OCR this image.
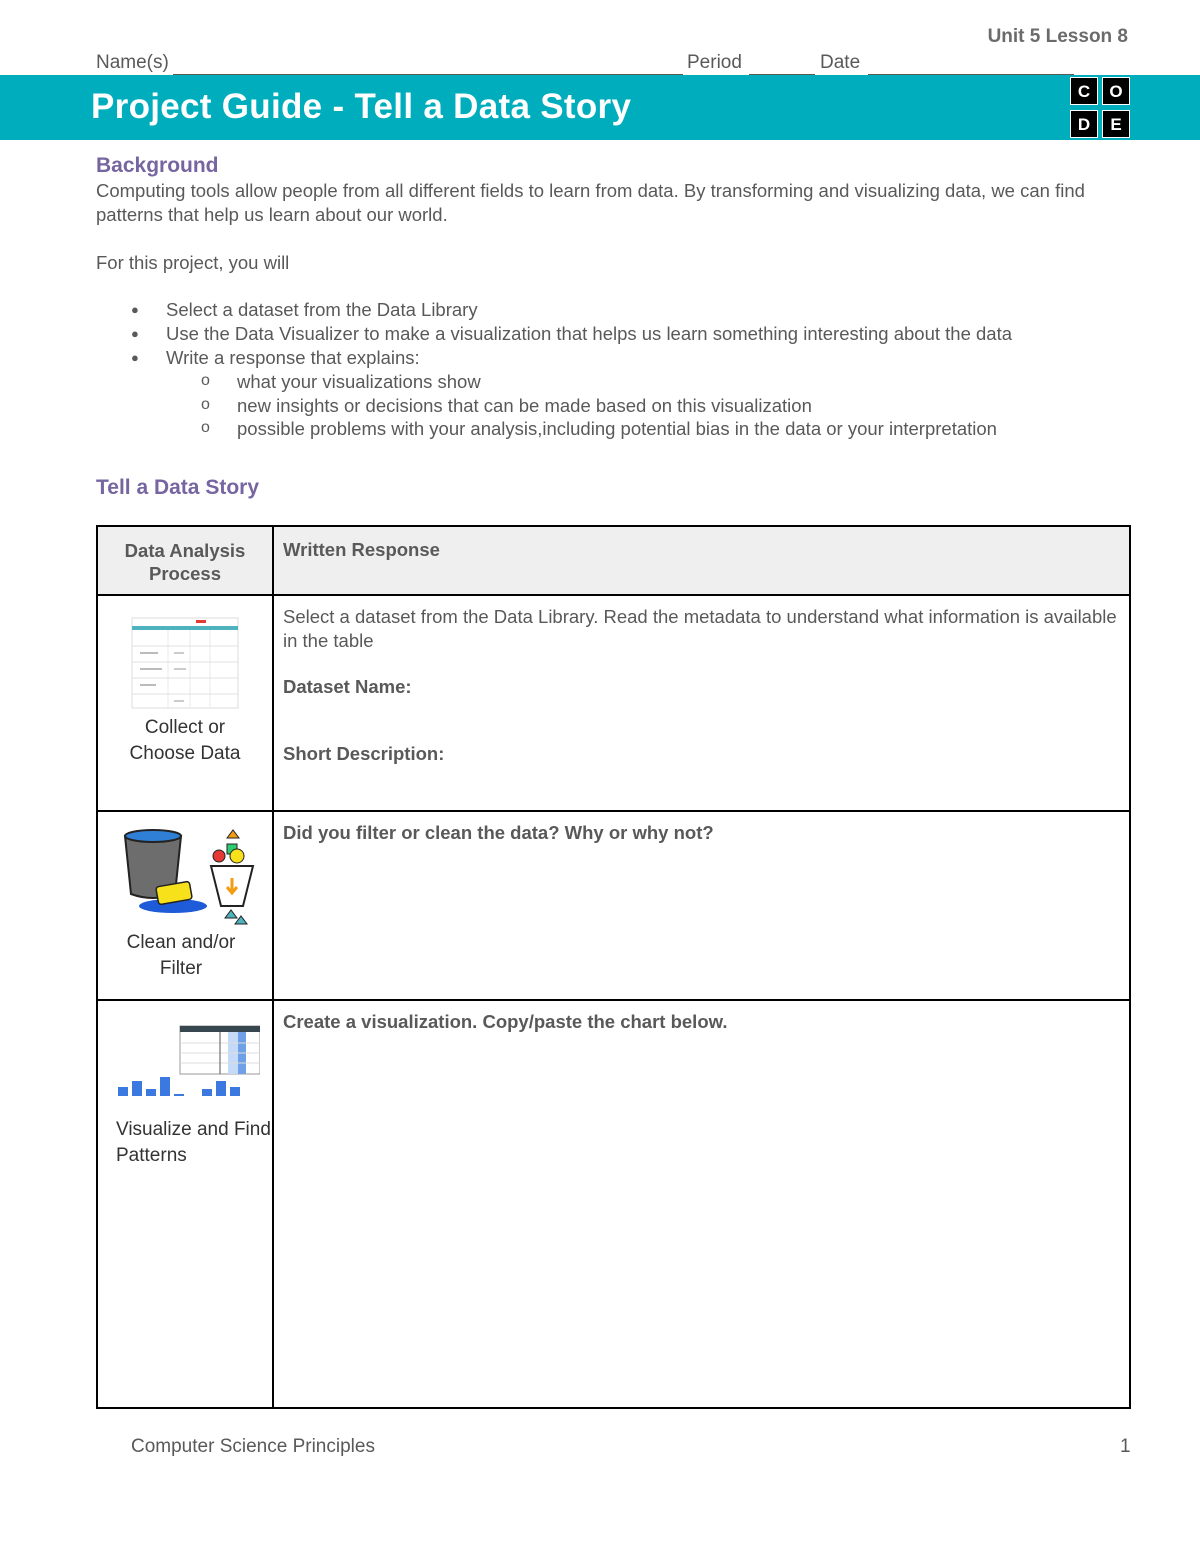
Unit 5 Lesson 8
Name(s)	Period	Date
Project Guide - Tell a Data Story	C	O
D	E
Background
Computing tools allow people from all different fields to learn from data. By transforming and visualizing data, we can find patterns that help us learn about our world.
For this project, you will
● Select a dataset from the Data Library
● Use the Data Visualizer to make a visualization that helps us learn something interesting about the data
● Write a response that explains:
o what your visualizations show
o new insights or decisions that can be made based on this visualization
o possible problems with your analysis,including potential bias in the data or your interpretation
Tell a Data Story
Data Analysis Process	Written Response

Collect or Choose Data	Select a dataset from the Data Library. Read the metadata to understand what information is available in the table
Dataset Name:
Short Description:

Clean and/or Filter	Did you filter or clean the data? Why or why not?

Visualize and Find Patterns	Create a visualization. Copy/paste the chart below.
Computer Science Principles	1
